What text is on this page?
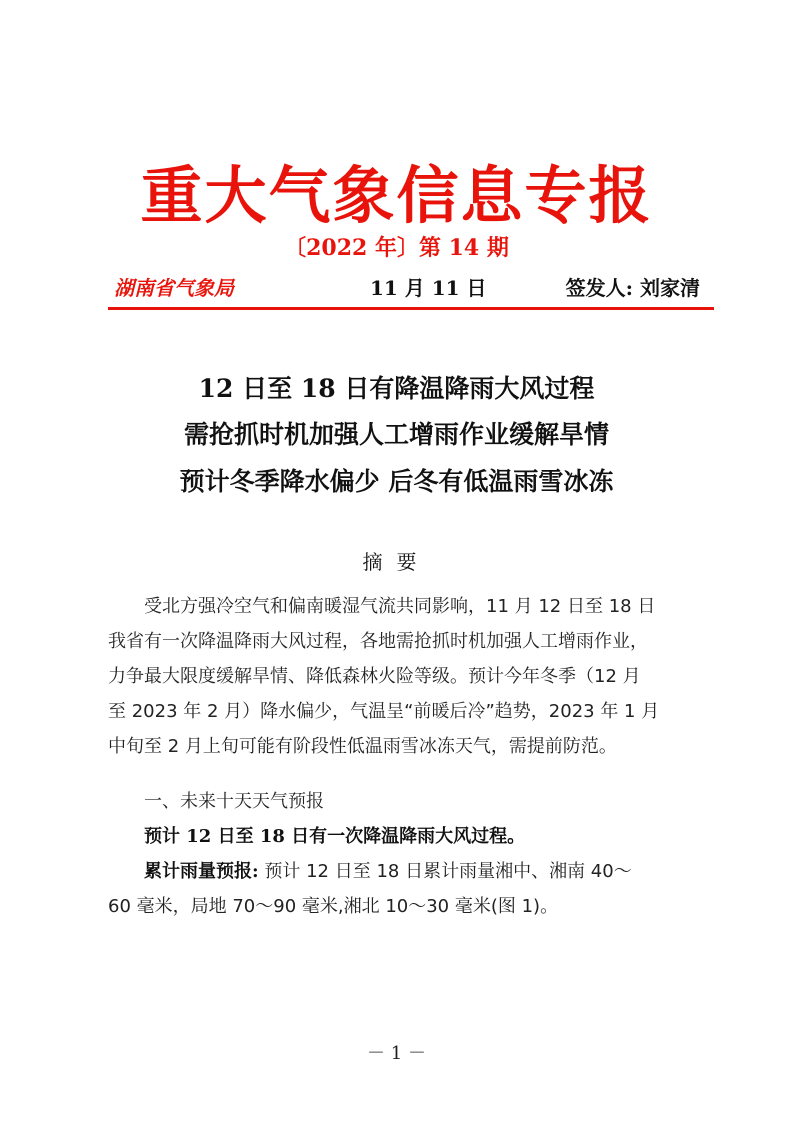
重大气象信息专报
〔2022 年〕第 14 期
湖南省气象局	11 月 11 日	签发人: 刘家清
12 日至 18 日有降温降雨大风过程
需抢抓时机加强人工增雨作业缓解旱情
预计冬季降水偏少 后冬有低温雨雪冰冻
摘要
　　受北方强冷空气和偏南暖湿气流共同影响，11 月 12 日至 18 日
我省有一次降温降雨大风过程，各地需抢抓时机加强人工增雨作业，
力争最大限度缓解旱情、降低森林火险等级。预计今年冬季（12 月
至 2023 年 2 月）降水偏少，气温呈“前暖后冷”趋势，2023 年 1 月
中旬至 2 月上旬可能有阶段性低温雨雪冰冻天气，需提前防范。
　　一、未来十天天气预报
　　预计 12 日至 18 日有一次降温降雨大风过程。
　　累计雨量预报: 预计 12 日至 18 日累计雨量湘中、湘南 40～
60 毫米，局地 70～90 毫米,湘北 10～30 毫米(图 1)。
－ 1 －
